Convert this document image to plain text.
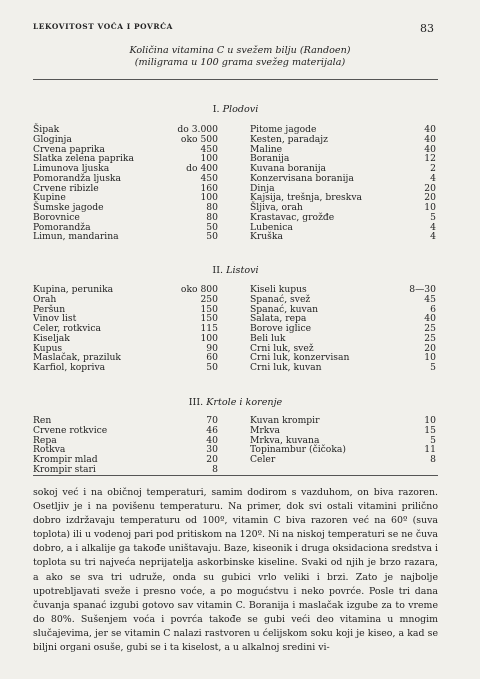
LEKOVITOST VOĆA I POVRĆA	83
Količina vitamina C u svežem bilju (Randoen)
(miligrama u 100 grama svežeg materijala)
I. Plodovi
Šipak	do 3.000
Gloginja	oko 500
Crvena paprika	450
Slatka zelena paprika	100
Limunova ljuska	do 400
Pomorandža ljuska	450
Crvene ribizle	160
Kupine	100
Šumske jagode	80
Borovnice	80
Pomorandža	50
Limun, mandarina	50
Pitome jagode	40
Kesten, paradajz	40
Maline	40
Boranija	12
Kuvana boranija	2
Konzervisana boranija	4
Dinja	20
Kajsija, trešnja, breskva	20
Šljiva, orah	10
Krastavac, grožđe	5
Lubenica	4
Kruška	4
II. Listovi
Kupina, perunika	oko 800
Orah	250
Peršun	150
Vinov list	150
Celer, rotkvica	115
Kiseljak	100
Kupus	90
Maslačak, praziluk	60
Karfiol, kopriva	50
Kiseli kupus	8—30
Spanać, svež	45
Spanać, kuvan	6
Salata, repa	40
Borove iglice	25
Beli luk	25
Crni luk, svež	20
Crni luk, konzervisan	10
Crni luk, kuvan	5
III. Krtole i korenje
Ren	70
Crvene rotkvice	46
Repa	40
Rotkva	30
Krompir mlad	20
Krompir stari	8
Kuvan krompir	10
Mrkva	15
Mrkva, kuvana	5
Topinambur (čičoka)	11
Celer	8

sokoj već i na običnoj temperaturi, samim dodirom s vazduhom, on biva razoren. Osetljiv je i na povišenu temperaturu. Na primer, dok svi ostali vitamini prilično dobro izdržavaju temperaturu od 100º, vitamin C biva razoren već na 60º (suva toplota) ili u vodenoj pari pod pritiskom na 120º. Ni na niskoj temperaturi se ne čuva dobro, a i alkalije ga takođe uništavaju. Baze, kiseonik i druga oksidaciona sredstva i toplota su tri najveća neprijatelja askorbinske kiseline. Svaki od njih je brzo razara, a ako se sva tri udruže, onda su gubici vrlo veliki i brzi. Zato je najbolje upotrebljavati sveže i presno voće, a po mogućstvu i neko povrće. Posle tri dana čuvanja spanać izgubi gotovo sav vitamin C. Boranija i maslačak izgube za to vreme do 80%. Sušenjem voća i povrća takođe se gubi veći deo vitamina u mnogim slučajevima, jer se vitamin C nalazi rastvoren u ćelijskom soku koji je kiseo, a kad se biljni organi osuše, gubi se i ta kiselost, a u alkalnoj sredini vi-
